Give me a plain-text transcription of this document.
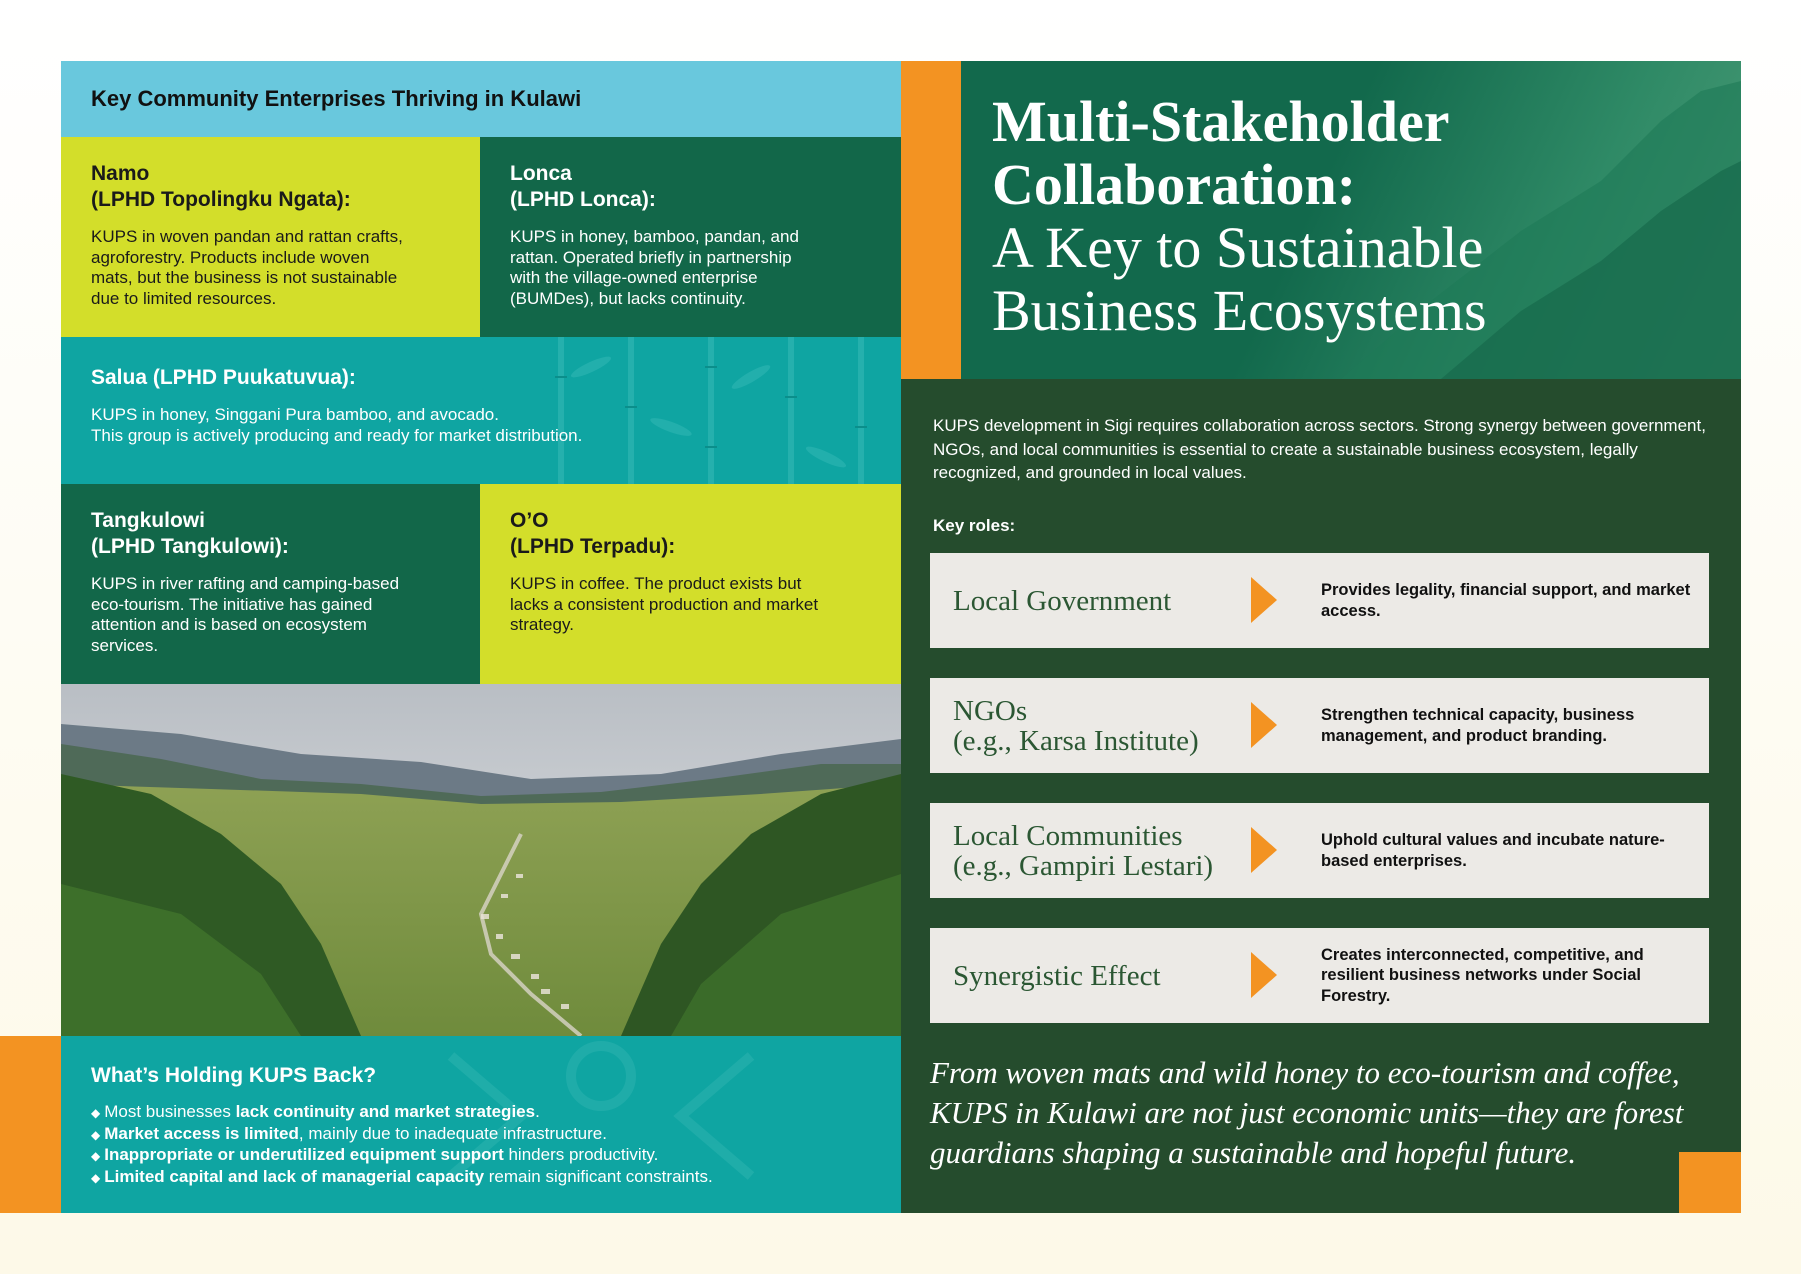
Key Community Enterprises Thriving in Kulawi
Namo
(LPHD Topolingku Ngata):
KUPS in woven pandan and rattan crafts,
agroforestry. Products include woven
mats, but the business is not sustainable
due to limited resources.
Lonca
(LPHD Lonca):
KUPS in honey, bamboo, pandan, and
rattan. Operated briefly in partnership
with the village-owned enterprise
(BUMDes), but lacks continuity.
Salua (LPHD Puukatuvua):
KUPS in honey, Singgani Pura bamboo, and avocado.
This group is actively producing and ready for market distribution.
Tangkulowi
(LPHD Tangkulowi):
KUPS in river rafting and camping-based
eco-tourism. The initiative has gained
attention and is based on ecosystem
services.
O’O
(LPHD Terpadu):
KUPS in coffee. The product exists but
lacks a consistent production and market
strategy.
What’s Holding KUPS Back?
◆ Most businesses lack continuity and market strategies.
◆ Market access is limited, mainly due to inadequate infrastructure.
◆ Inappropriate or underutilized equipment support hinders productivity.
◆ Limited capital and lack of managerial capacity remain significant constraints.
Multi-Stakeholder
Collaboration:
A Key to Sustainable
Business Ecosystems
KUPS development in Sigi requires collaboration across sectors. Strong synergy between government, NGOs, and local communities is essential to create a sustainable business ecosystem, legally recognized, and grounded in local values.
Key roles:
Local Government	Provides legality, financial support, and market access.
NGOs
(e.g., Karsa Institute)
Strengthen technical capacity, business management, and product branding.
Local Communities
(e.g., Gampiri Lestari)
Uphold cultural values and incubate nature-based enterprises.
Synergistic Effect
Creates interconnected, competitive, and resilient business networks under Social Forestry.
From woven mats and wild honey to eco-tourism and coffee, KUPS in Kulawi are not just economic units—they are forest guardians shaping a sustainable and hopeful future.
